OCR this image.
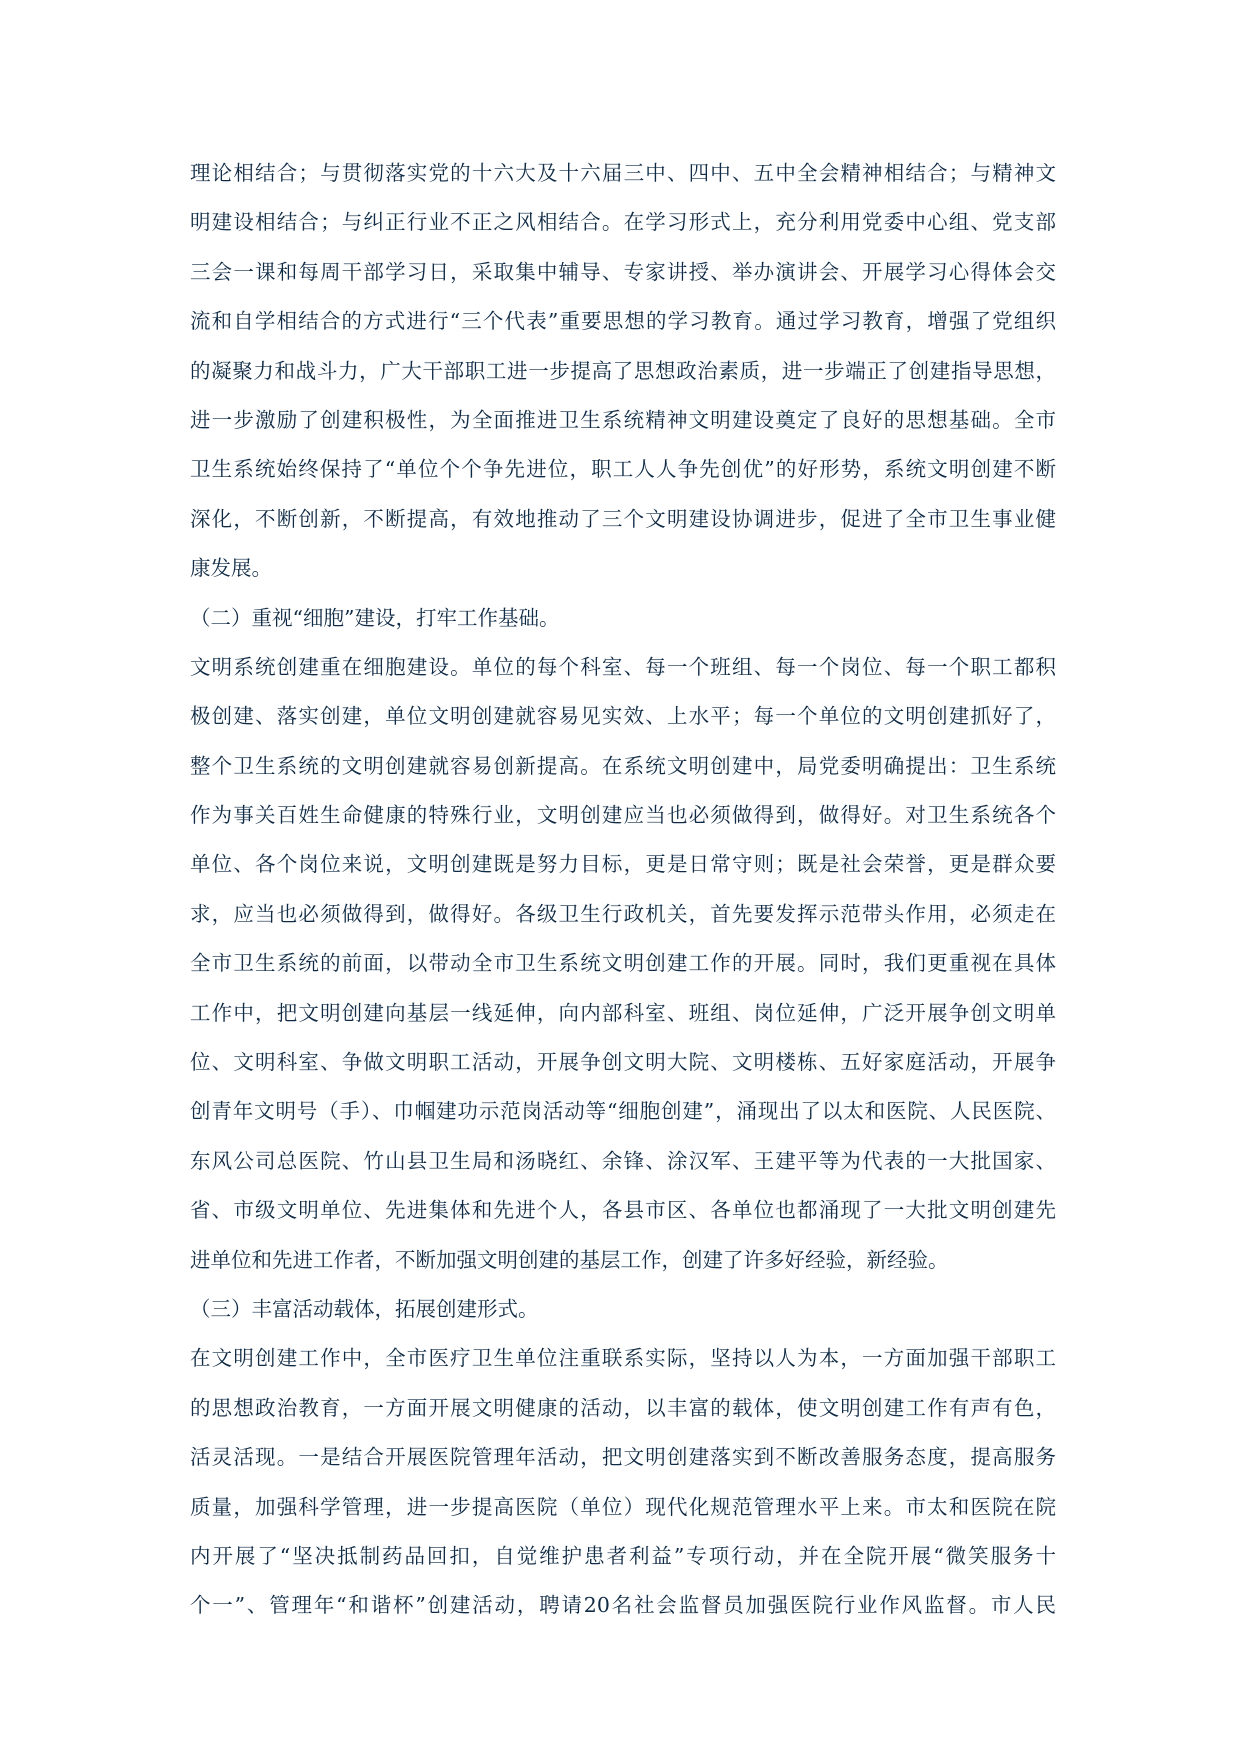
理论相结合；与贯彻落实党的十六大及十六届三中、四中、五中全会精神相结合；与精神文
明建设相结合；与纠正行业不正之风相结合。在学习形式上，充分利用党委中心组、党支部
三会一课和每周干部学习日，采取集中辅导、专家讲授、举办演讲会、开展学习心得体会交
流和自学相结合的方式进行“三个代表”重要思想的学习教育。通过学习教育，增强了党组织
的凝聚力和战斗力，广大干部职工进一步提高了思想政治素质，进一步端正了创建指导思想，
进一步激励了创建积极性，为全面推进卫生系统精神文明建设奠定了良好的思想基础。全市
卫生系统始终保持了“单位个个争先进位，职工人人争先创优”的好形势，系统文明创建不断
深化，不断创新，不断提高，有效地推动了三个文明建设协调进步，促进了全市卫生事业健
康发展。
（二）重视“细胞”建设，打牢工作基础。
文明系统创建重在细胞建设。单位的每个科室、每一个班组、每一个岗位、每一个职工都积
极创建、落实创建，单位文明创建就容易见实效、上水平；每一个单位的文明创建抓好了，
整个卫生系统的文明创建就容易创新提高。在系统文明创建中，局党委明确提出：卫生系统
作为事关百姓生命健康的特殊行业，文明创建应当也必须做得到，做得好。对卫生系统各个
单位、各个岗位来说，文明创建既是努力目标，更是日常守则；既是社会荣誉，更是群众要
求，应当也必须做得到，做得好。各级卫生行政机关，首先要发挥示范带头作用，必须走在
全市卫生系统的前面，以带动全市卫生系统文明创建工作的开展。同时，我们更重视在具体
工作中，把文明创建向基层一线延伸，向内部科室、班组、岗位延伸，广泛开展争创文明单
位、文明科室、争做文明职工活动，开展争创文明大院、文明楼栋、五好家庭活动，开展争
创青年文明号（手）、巾帼建功示范岗活动等“细胞创建”，涌现出了以太和医院、人民医院、
东风公司总医院、竹山县卫生局和汤晓红、余锋、涂汉军、王建平等为代表的一大批国家、
省、市级文明单位、先进集体和先进个人，各县市区、各单位也都涌现了一大批文明创建先
进单位和先进工作者，不断加强文明创建的基层工作，创建了许多好经验，新经验。
（三）丰富活动载体，拓展创建形式。
在文明创建工作中，全市医疗卫生单位注重联系实际，坚持以人为本，一方面加强干部职工
的思想政治教育，一方面开展文明健康的活动，以丰富的载体，使文明创建工作有声有色，
活灵活现。一是结合开展医院管理年活动，把文明创建落实到不断改善服务态度，提高服务
质量，加强科学管理，进一步提高医院（单位）现代化规范管理水平上来。市太和医院在院
内开展了“坚决抵制药品回扣，自觉维护患者利益”专项行动，并在全院开展“微笑服务十
个一”、管理年“和谐杯”创建活动，聘请20名社会监督员加强医院行业作风监督。市人民
